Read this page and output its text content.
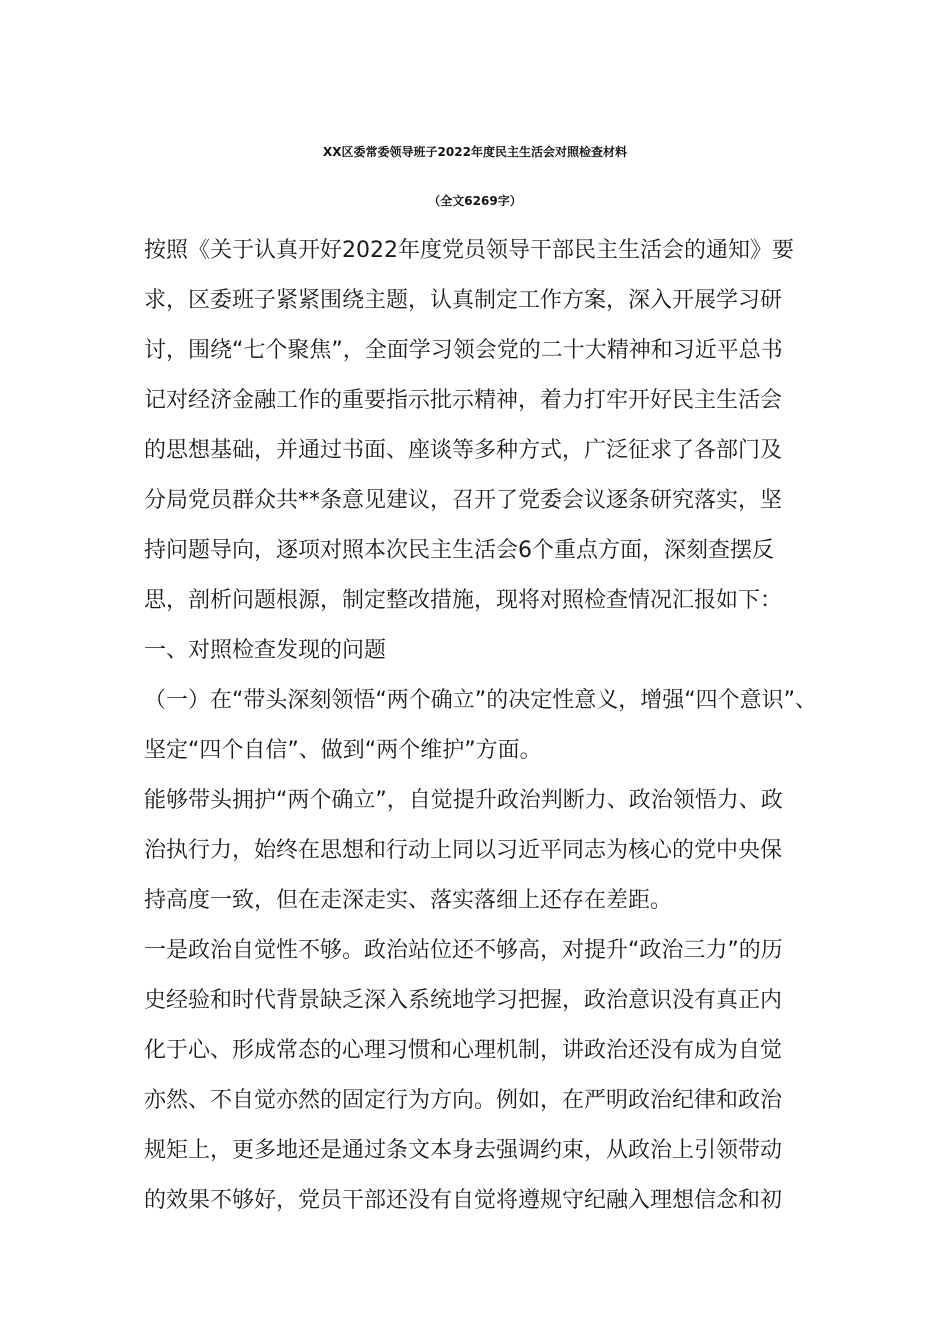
XX区委常委领导班子2022年度民主生活会对照检查材料
（全文6269字）
按照《关于认真开好2022年度党员领导干部民主生活会的通知》要
求，区委班子紧紧围绕主题，认真制定工作方案，深入开展学习研
讨，围绕“七个聚焦”，全面学习领会党的二十大精神和习近平总书
记对经济金融工作的重要指示批示精神，着力打牢开好民主生活会
的思想基础，并通过书面、座谈等多种方式，广泛征求了各部门及
分局党员群众共**条意见建议，召开了党委会议逐条研究落实，坚
持问题导向，逐项对照本次民主生活会6个重点方面，深刻查摆反
思，剖析问题根源，制定整改措施，现将对照检查情况汇报如下：
一、对照检查发现的问题
（一）在“带头深刻领悟“两个确立”的决定性意义，增强“四个意识”、
坚定“四个自信”、做到“两个维护”方面。
能够带头拥护“两个确立”，自觉提升政治判断力、政治领悟力、政
治执行力，始终在思想和行动上同以习近平同志为核心的党中央保
持高度一致，但在走深走实、落实落细上还存在差距。
一是政治自觉性不够。政治站位还不够高，对提升“政治三力”的历
史经验和时代背景缺乏深入系统地学习把握，政治意识没有真正内
化于心、形成常态的心理习惯和心理机制，讲政治还没有成为自觉
亦然、不自觉亦然的固定行为方向。例如，在严明政治纪律和政治
规矩上，更多地还是通过条文本身去强调约束，从政治上引领带动
的效果不够好，党员干部还没有自觉将遵规守纪融入理想信念和初
